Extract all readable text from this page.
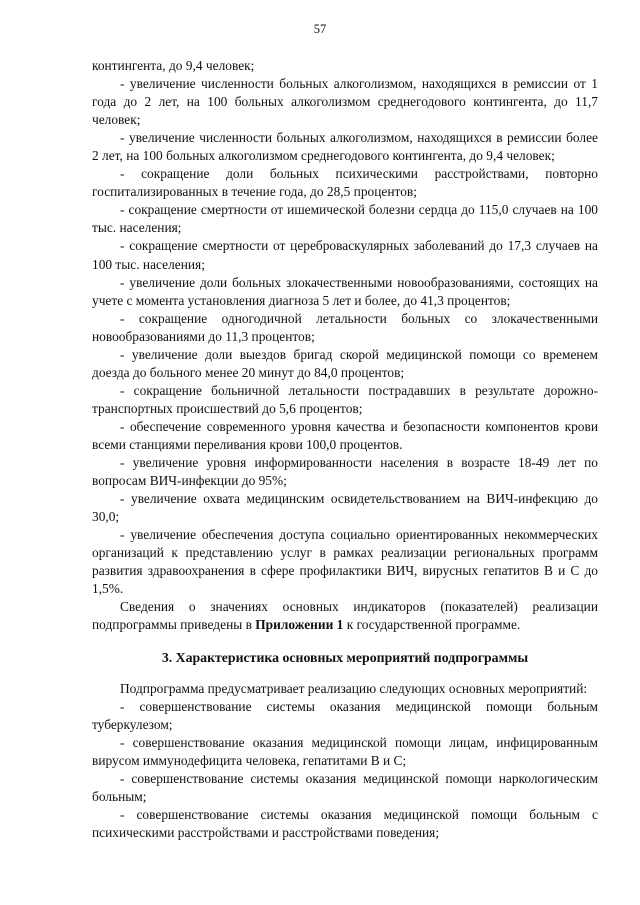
57

контингента, до 9,4 человек;

- увеличение численности больных алкоголизмом, находящихся в ремиссии от 1 года до 2 лет, на 100 больных алкоголизмом среднегодового контингента, до 11,7 человек;

- увеличение численности больных алкоголизмом, находящихся в ремиссии более 2 лет, на 100 больных алкоголизмом среднегодового контингента, до 9,4 человек;

- сокращение доли больных психическими расстройствами, повторно госпитализированных в течение года, до 28,5 процентов;

- сокращение смертности от ишемической болезни сердца до 115,0 случаев на 100 тыс. населения;

- сокращение смертности от цереброваскулярных заболеваний до 17,3 случаев на 100 тыс. населения;

- увеличение доли больных злокачественными новообразованиями, состоящих на учете с момента установления диагноза 5 лет и более, до 41,3 процентов;

- сокращение одногодичной летальности больных со злокачественными новообразованиями до 11,3 процентов;

- увеличение доли выездов бригад скорой медицинской помощи со временем доезда до больного менее 20 минут до 84,0 процентов;

- сокращение больничной летальности пострадавших в результате дорожно-транспортных происшествий до 5,6 процентов;

- обеспечение современного уровня качества и безопасности компонентов крови всеми станциями переливания крови 100,0 процентов.

- увеличение уровня информированности населения в возрасте 18-49 лет по вопросам ВИЧ-инфекции до 95%;

- увеличение охвата медицинским освидетельствованием на ВИЧ-инфекцию до 30,0;

- увеличение обеспечения доступа социально ориентированных некоммерческих организаций к представлению услуг в рамках реализации региональных программ развития здравоохранения в сфере профилактики ВИЧ, вирусных гепатитов B и C до 1,5%.

Сведения о значениях основных индикаторов (показателей) реализации подпрограммы приведены в Приложении 1 к государственной программе.

3. Характеристика основных мероприятий подпрограммы

Подпрограмма предусматривает реализацию следующих основных мероприятий:

- совершенствование системы оказания медицинской помощи больным туберкулезом;

- совершенствование оказания медицинской помощи лицам, инфицированным вирусом иммунодефицита человека, гепатитами B и C;

- совершенствование системы оказания медицинской помощи наркологическим больным;

- совершенствование системы оказания медицинской помощи больным с психическими расстройствами и расстройствами поведения;
